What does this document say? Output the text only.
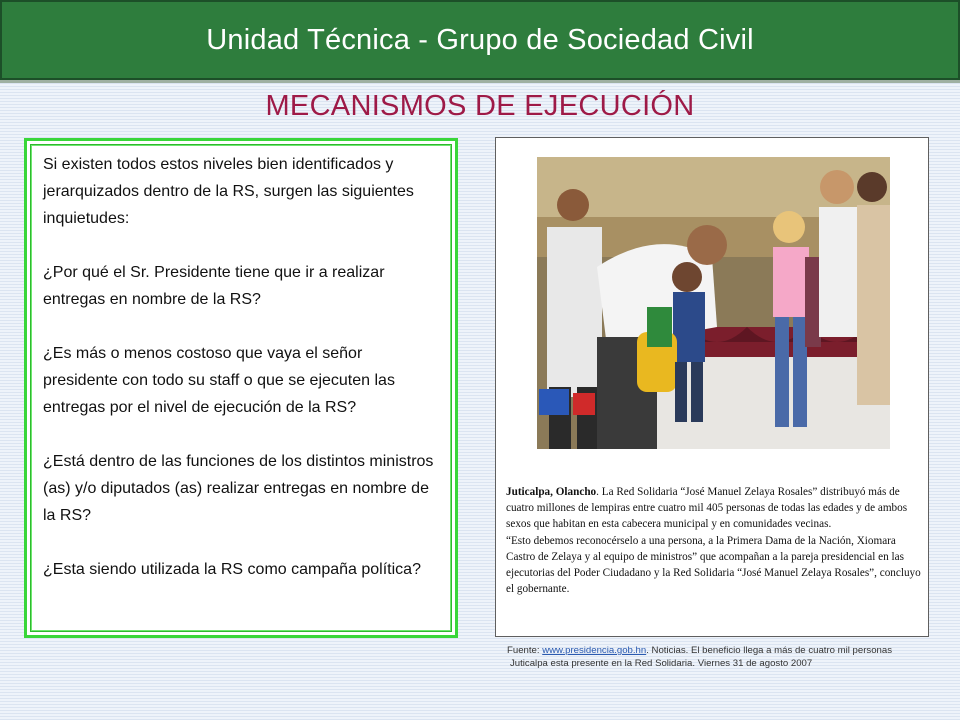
Unidad Técnica - Grupo de Sociedad Civil
MECANISMOS DE EJECUCIÓN

Si existen todos estos niveles bien identificados y jerarquizados dentro de la RS, surgen las siguientes inquietudes:

¿Por qué el Sr. Presidente tiene que ir a realizar entregas en nombre de la RS?

¿Es más o menos costoso que vaya el señor presidente con todo su staff o que se ejecuten las entregas por el nivel de ejecución de la RS?

¿Está dentro de las funciones de los distintos ministros (as) y/o diputados (as) realizar entregas en nombre de la RS?

¿Esta siendo utilizada la RS como campaña política?

Juticalpa, Olancho. La Red Solidaria “José Manuel Zelaya Rosales” distribuyó más de cuatro millones de lempiras entre cuatro mil 405 personas de todas las edades y de ambos sexos que habitan en esta cabecera municipal y en comunidades vecinas.
“Esto debemos reconocérselo a una persona, a la Primera Dama de la Nación, Xiomara Castro de Zelaya y al equipo de ministros” que acompañan a la pareja presidencial en las ejecutorias del Poder Ciudadano y la Red Solidaria “José Manuel Zelaya Rosales”, concluyo el gobernante.
Fuente: www.presidencia.gob.hn. Noticias. El beneficio llega a más de cuatro mil personas
Juticalpa esta presente en la Red Solidaria. Viernes 31 de agosto 2007
